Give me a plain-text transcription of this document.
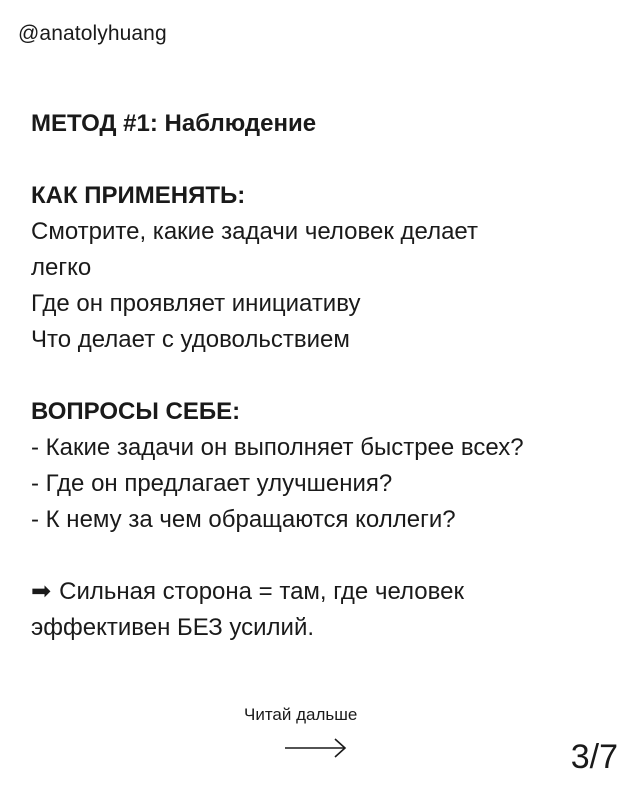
@anatolyhuang
МЕТОД #1: Наблюдение
КАК ПРИМЕНЯТЬ:
Смотрите, какие задачи человек делает
легко
Где он проявляет инициативу
Что делает с удовольствием
ВОПРОСЫ СЕБЕ:
- Какие задачи он выполняет быстрее всех?
- Где он предлагает улучшения?
- К нему за чем обращаются коллеги?
➡ Сильная сторона = там, где человек
эффективен БЕЗ усилий.
Читай дальше
3/7
